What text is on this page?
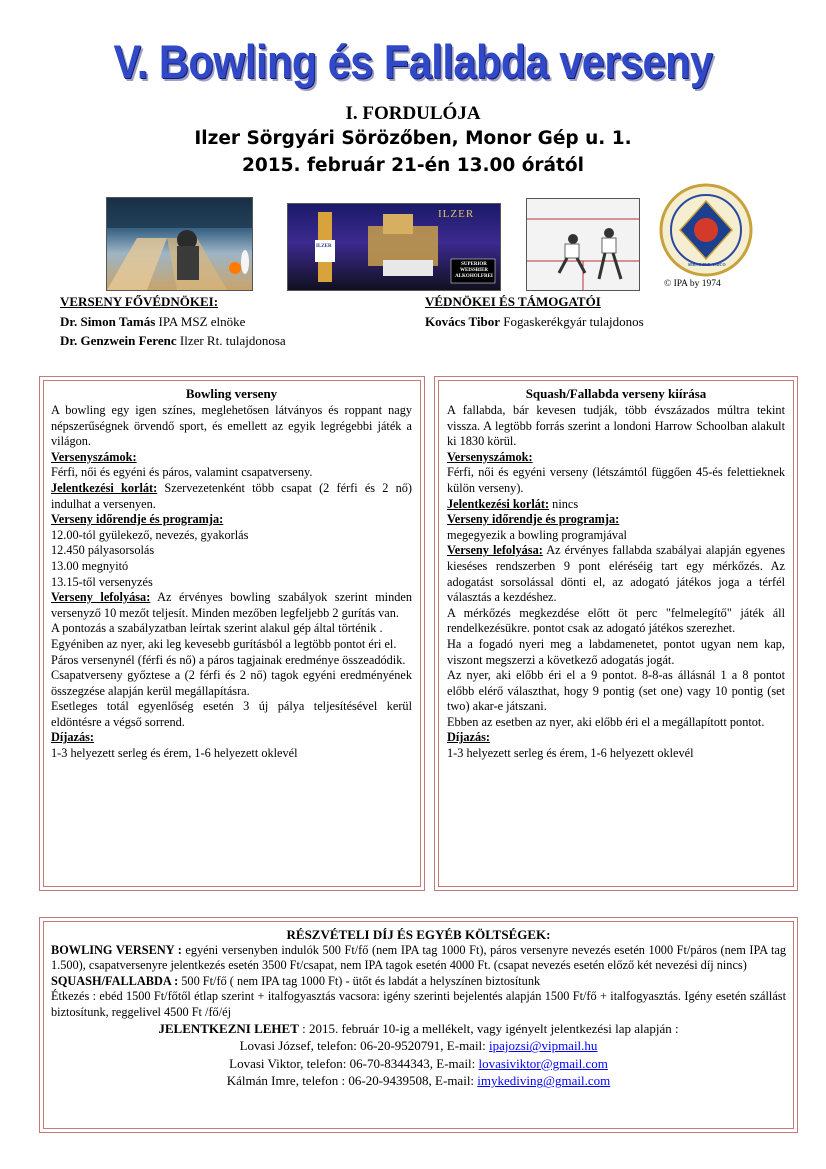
V. Bowling és Fallabda verseny
I. FORDULÓJA
Ilzer Sörgyári Sörözőben, Monor Gép u. 1.
2015. február 21-én 13.00 órától
ILZER
ILZER
SUPERIOR WEISSBIER ALKOHOLFREI
SERVO PER AMICO
© IPA by 1974
VERSENY FŐVÉDNÖKEI:
Dr. Simon Tamás IPA MSZ elnöke
Dr. Genzwein Ferenc Ilzer Rt. tulajdonosa
VÉDNÖKEI ÉS TÁMOGATÓI
Kovács Tibor Fogaskerékgyár tulajdonos
Bowling verseny
A bowling egy igen színes, meglehetősen látványos és roppant nagy népszerűségnek örvendő sport, és emellett az egyik legrégebbi játék a világon.
Versenyszámok:
Férfi, női és egyéni és páros, valamint csapatverseny.
Jelentkezési korlát: Szervezetenként több csapat (2 férfi és 2 nő) indulhat a versenyen.
Verseny időrendje és programja:
12.00-tól gyülekező, nevezés, gyakorlás
12.450 pályasorsolás
13.00 megnyitó
13.15-től versenyzés
Verseny lefolyása: Az érvényes bowling szabályok szerint minden versenyző 10 mezőt teljesít. Minden mezőben legfeljebb 2 gurítás van.
A pontozás a szabályzatban leírtak szerint alakul gép által történik .
Egyéniben az nyer, aki leg kevesebb gurításból a legtöbb pontot éri el.
Páros versenynél (férfi és nő) a páros tagjainak eredménye összeadódik.
Csapatverseny győztese a (2 férfi és 2 nő) tagok egyéni eredményének összegzése alapján kerül megállapításra.
Esetleges totál egyenlőség esetén 3 új pálya teljesítésével kerül eldöntésre a végső sorrend.
Díjazás:
1-3 helyezett serleg és érem, 1-6 helyezett oklevél
Squash/Fallabda verseny kiírása
A fallabda, bár kevesen tudják, több évszázados múltra tekint vissza. A legtöbb forrás szerint a londoni Harrow Schoolban alakult ki 1830 körül.
Versenyszámok:
Férfi, női és egyéni verseny (létszámtól függően 45-és felettieknek külön verseny).
Jelentkezési korlát: nincs
Verseny időrendje és programja:
megegyezik a bowling programjával
Verseny lefolyása: Az érvényes fallabda szabályai alapján egyenes kieséses rendszerben 9 pont eléréséig tart egy mérkőzés. Az adogatást sorsolással dönti el, az adogató játékos joga a térfél választás a kezdéshez.
A mérkőzés megkezdése előtt öt perc "felmelegítő" játék áll rendelkezésükre. pontot csak az adogató játékos szerezhet.
Ha a fogadó nyeri meg a labdamenetet, pontot ugyan nem kap, viszont megszerzi a következő adogatás jogát.
Az nyer, aki előbb éri el a 9 pontot. 8-8-as állásnál 1 a 8 pontot előbb elérő választhat, hogy 9 pontig (set one) vagy 10 pontig (set two) akar-e játszani.
Ebben az esetben az nyer, aki előbb éri el a megállapított pontot.
Díjazás:
1-3 helyezett serleg és érem, 1-6 helyezett oklevél

RÉSZVÉTELI DÍJ ÉS EGYÉB KÖLTSÉGEK:

BOWLING VERSENY : egyéni versenyben indulók 500 Ft/fő (nem IPA tag 1000 Ft), páros versenyre nevezés esetén 1000 Ft/páros (nem IPA tag 1.500), csapatversenyre jelentkezés esetén 3500 Ft/csapat, nem IPA tagok esetén 4000 Ft. (csapat nevezés esetén előző két nevezési díj nincs)

SQUASH/FALLABDA : 500 Ft/fő ( nem IPA tag 1000 Ft) - ütőt és labdát a helyszínen biztosítunk

Étkezés : ebéd 1500 Ft/főtől étlap szerint + italfogyasztás vacsora: igény szerinti bejelentés alapján 1500 Ft/fő + italfogyasztás. Igény esetén szállást biztosítunk, reggelivel 4500 Ft /fő/éj

JELENTKEZNI LEHET : 2015. február 10-ig a mellékelt, vagy igényelt jelentkezési lap alapján :

Lovasi József, telefon: 06-20-9520791, E-mail: ipajozsi@vipmail.hu

Lovasi Viktor, telefon: 06-70-8344343, E-mail: lovasiviktor@gmail.com

Kálmán Imre, telefon : 06-20-9439508, E-mail: imykediving@gmail.com
